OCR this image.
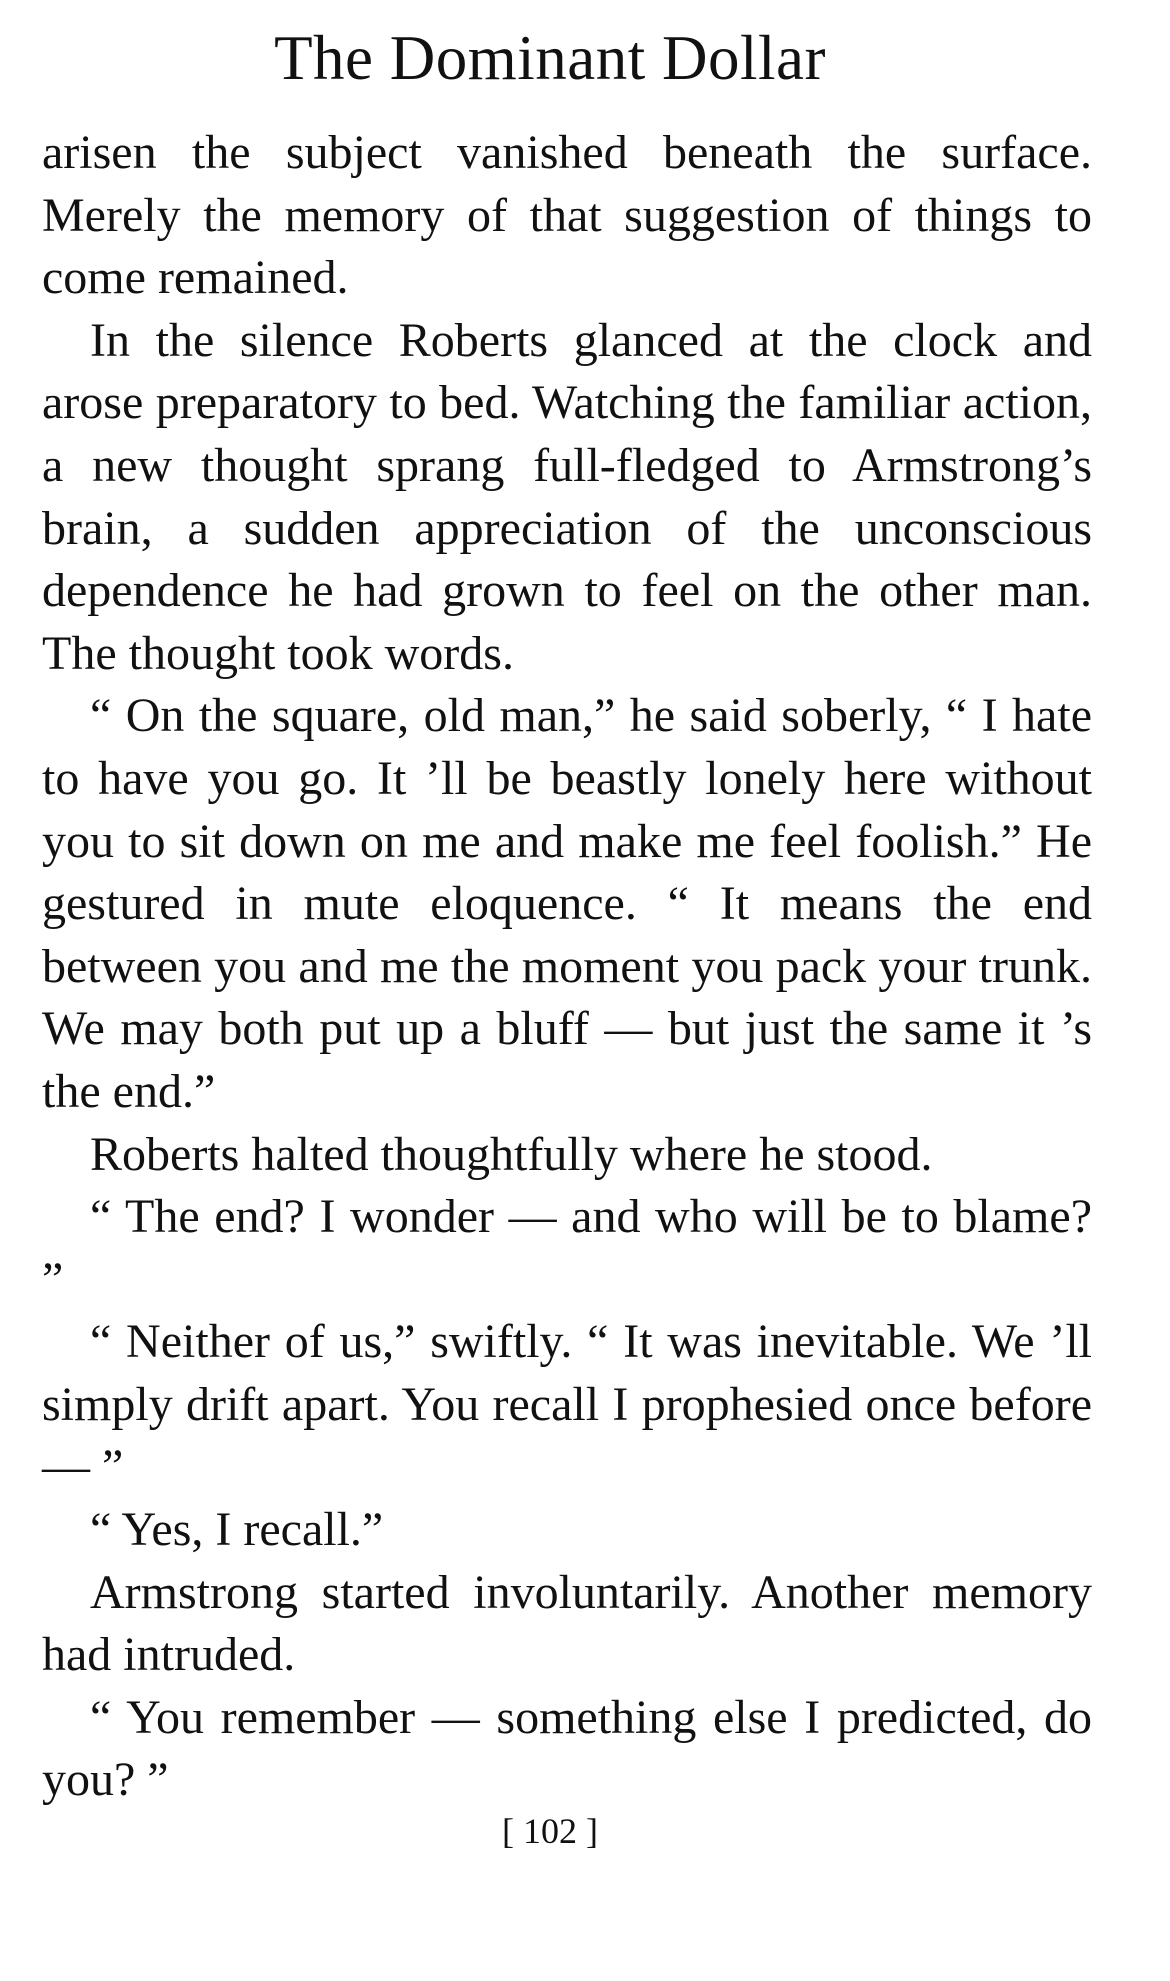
The Dominant Dollar

arisen the subject vanished beneath the surface. Merely the memory of that suggestion of things to come remained.

In the silence Roberts glanced at the clock and arose preparatory to bed. Watching the familiar action, a new thought sprang full-fledged to Armstrong’s brain, a sudden appreciation of the unconscious dependence he had grown to feel on the other man. The thought took words.

“ On the square, old man,” he said soberly, “ I hate to have you go. It ’ll be beastly lonely here without you to sit down on me and make me feel foolish.” He gestured in mute eloquence. “ It means the end between you and me the moment you pack your trunk. We may both put up a bluff — but just the same it ’s the end.”

Roberts halted thoughtfully where he stood.

“ The end? I wonder — and who will be to blame? ”

“ Neither of us,” swiftly. “ It was inevitable. We ’ll simply drift apart. You recall I prophesied once before — ”

“ Yes, I recall.”

Armstrong started involuntarily. Another memory had intruded.

“ You remember — something else I predicted, do you? ”

[ 102 ]
